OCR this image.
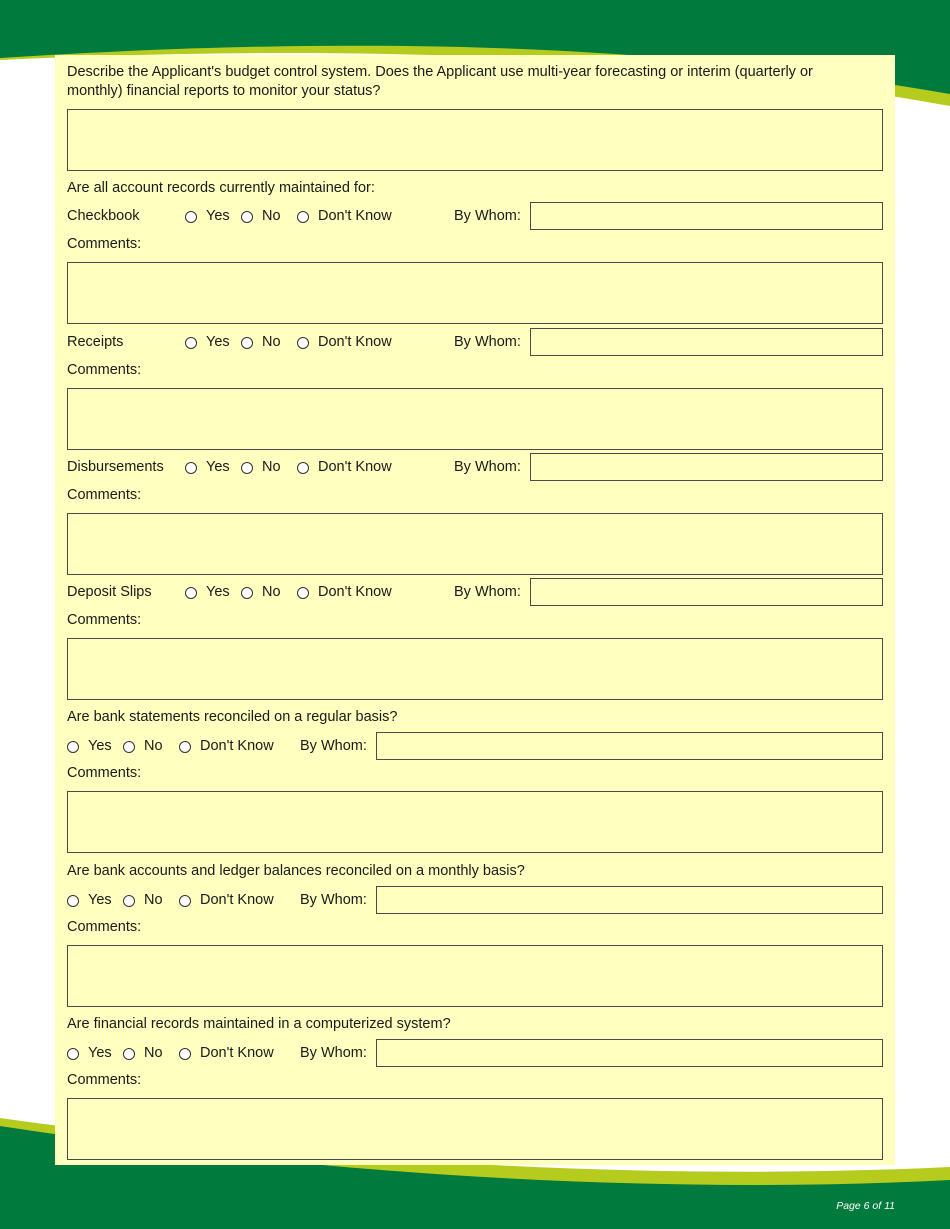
Describe the Applicant's budget control system. Does the Applicant use multi-year forecasting or interim (quarterly or monthly) financial reports to monitor your status?
Are all account records currently maintained for:
Checkbook	Yes No	Don't Know	By Whom:
Comments:
Receipts	Yes No	Don't Know	By Whom:
Comments:
Disbursements	Yes No	Don't Know	By Whom:
Comments:
Deposit Slips	Yes No	Don't Know	By Whom:
Comments:
Are bank statements reconciled on a regular basis?
Yes No	Don't Know By Whom:
Comments:
Are bank accounts and ledger balances reconciled on a monthly basis?
Yes No	Don't Know By Whom:
Comments:
Are financial records maintained in a computerized system?
Yes No	Don't Know By Whom:
Comments:
Page 6 of 11
